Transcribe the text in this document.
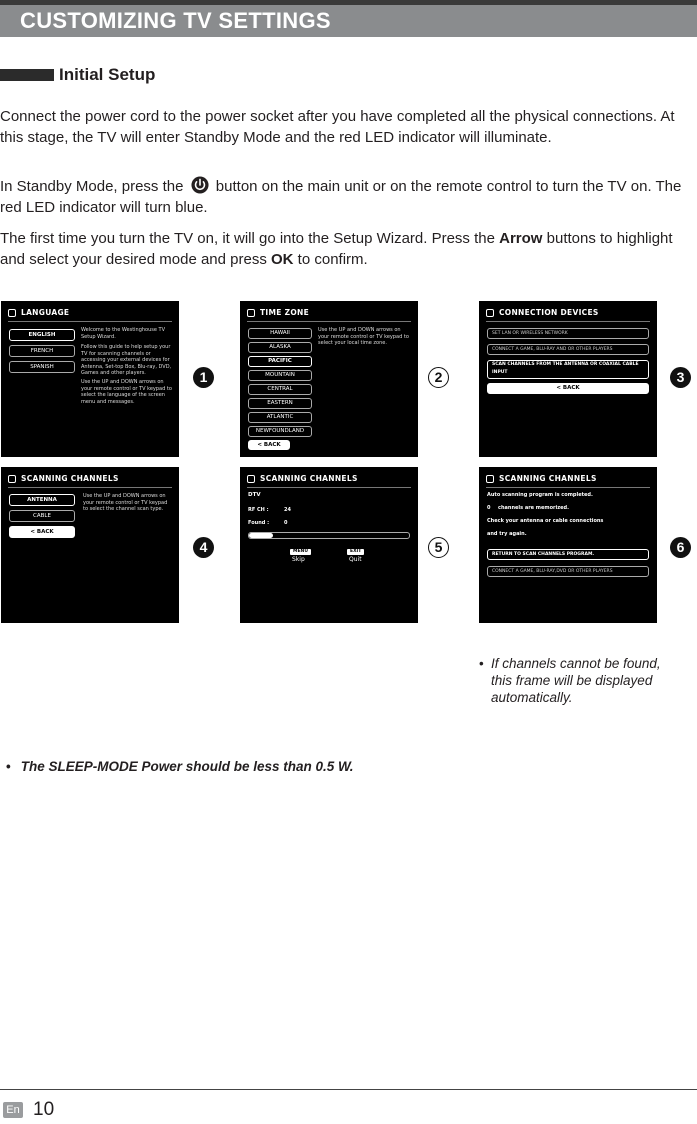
CUSTOMIZING TV SETTINGS
Initial Setup
Connect the power cord to the power socket after you have completed all the physical connections. At this stage, the TV will enter Standby Mode and the red LED indicator will illuminate.
In Standby Mode, press the button on the main unit or on the remote control to turn the TV on. The red LED indicator will turn blue.
The first time you turn the TV on, it will go into the Setup Wizard. Press the Arrow buttons to highlight and select your desired mode and press OK to confirm.
LANGUAGE
ENGLISH
FRENCH
SPANISH
Welcome to the Westinghouse TV Setup Wizard.
Follow this guide to help setup your TV for scanning channels or accessing your external devices for Antenna, Set-top Box, Blu-ray, DVD, Games and other players.
Use the UP and DOWN arrows on your remote control or TV keypad to select the language of the screen menu and messages.
1
TIME ZONE
HAWAII
ALASKA
PACIFIC
MOUNTAIN
CENTRAL
EASTERN
ATLANTIC
NEWFOUNDLAND
< BACK
Use the UP and DOWN arrows on your remote control or TV keypad to select your local time zone.
2
CONNECTION DEVICES
SET LAN OR WIRELESS NETWORK
CONNECT A GAME, BLU-RAY AND OR OTHER PLAYERS
SCAN CHANNELS FROM THE ANTENNA OR COAXIAL CABLE INPUT
< BACK
3
SCANNING CHANNELS
ANTENNA
CABLE
< BACK
Use the UP and DOWN arrows on your remote control or TV keypad to select the channel scan type.
4
SCANNING CHANNELS
DTV
RF CH :	24
Found :	0
MENU
Skip
EXIT
Quit
5
SCANNING CHANNELS
Auto scanning program is completed.
0 channels are memorized.
Check your antenna or cable connections
and try again.
RETURN TO SCAN CHANNELS PROGRAM.
CONNECT A GAME, BLU-RAY,DVD OR OTHER PLAYERS
6
• If channels cannot be found, this frame will be displayed automatically.
• The SLEEP-MODE Power should be less than 0.5 W.
En 10
